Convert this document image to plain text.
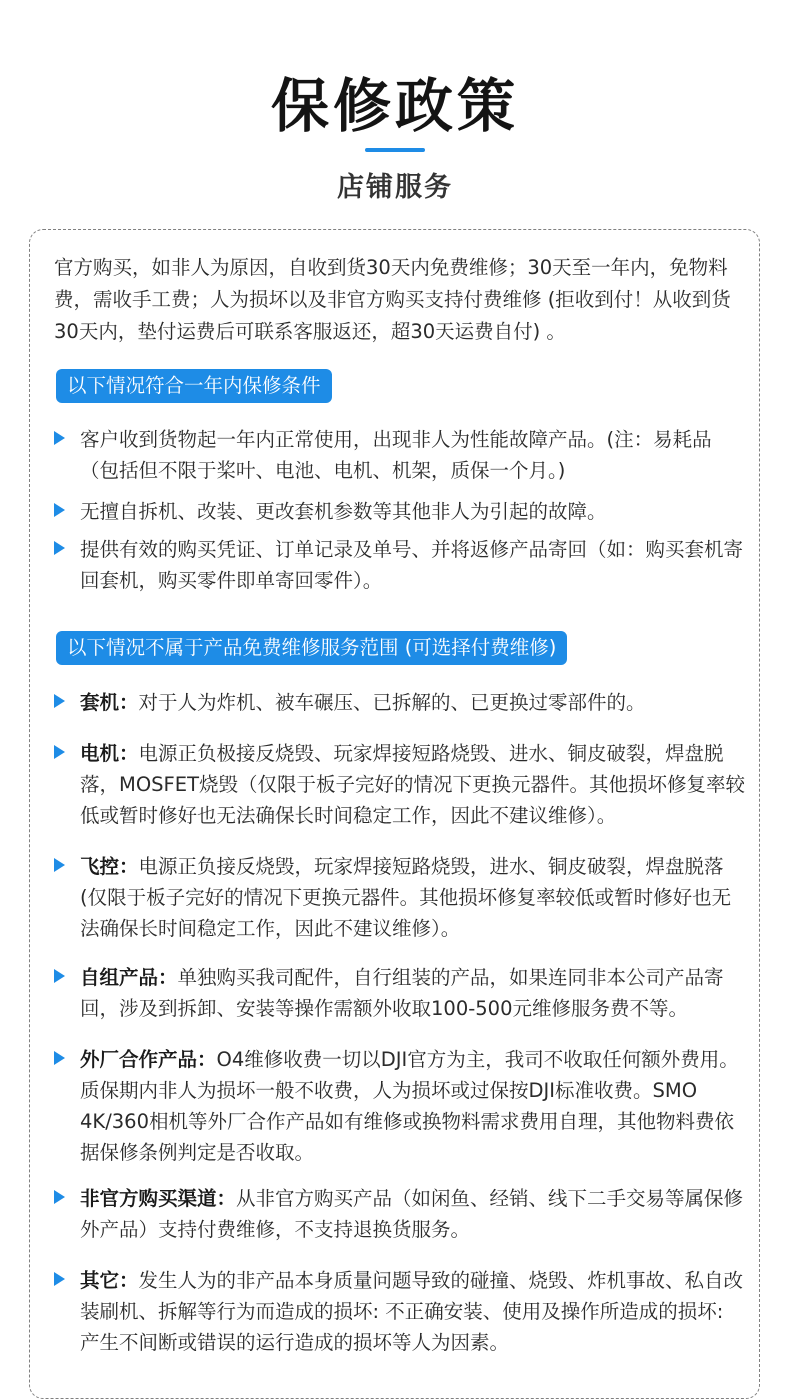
保修政策
店铺服务
官方购买，如非人为原因，自收到货30天内免费维修；30天至一年内，免物料费，需收手工费；人为损坏以及非官方购买支持付费维修 (拒收到付！从收到货30天内，垫付运费后可联系客服返还，超30天运费自付) 。
以下情况符合一年内保修条件
客户收到货物起一年内正常使用，出现非人为性能故障产品。(注：易耗品（包括但不限于桨叶、电池、电机、机架，质保一个月。)
无擅自拆机、改装、更改套机参数等其他非人为引起的故障。
提供有效的购买凭证、订单记录及单号、并将返修产品寄回（如：购买套机寄回套机，购买零件即单寄回零件）。
以下情况不属于产品免费维修服务范围 (可选择付费维修)
套机：对于人为炸机、被车碾压、已拆解的、已更换过零部件的。
电机：电源正负极接反烧毁、玩家焊接短路烧毁、进水、铜皮破裂，焊盘脱落，MOSFET烧毁（仅限于板子完好的情况下更换元器件。其他损坏修复率较低或暂时修好也无法确保长时间稳定工作，因此不建议维修）。
飞控：电源正负接反烧毁，玩家焊接短路烧毁，进水、铜皮破裂，焊盘脱落 (仅限于板子完好的情况下更换元器件。其他损坏修复率较低或暂时修好也无法确保长时间稳定工作，因此不建议维修）。
自组产品：单独购买我司配件，自行组装的产品，如果连同非本公司产品寄回，涉及到拆卸、安装等操作需额外收取100-500元维修服务费不等。
外厂合作产品：O4维修收费一切以DJI官方为主，我司不收取任何额外费用。质保期内非人为损坏一般不收费，人为损坏或过保按DJI标准收费。SMO 4K/360相机等外厂合作产品如有维修或换物料需求费用自理，其他物料费依据保修条例判定是否收取。
非官方购买渠道：从非官方购买产品（如闲鱼、经销、线下二手交易等属保修外产品）支持付费维修，不支持退换货服务。
其它：发生人为的非产品本身质量问题导致的碰撞、烧毁、炸机事故、私自改装刷机、拆解等行为而造成的损坏: 不正确安装、使用及操作所造成的损坏: 产生不间断或错误的运行造成的损坏等人为因素。
